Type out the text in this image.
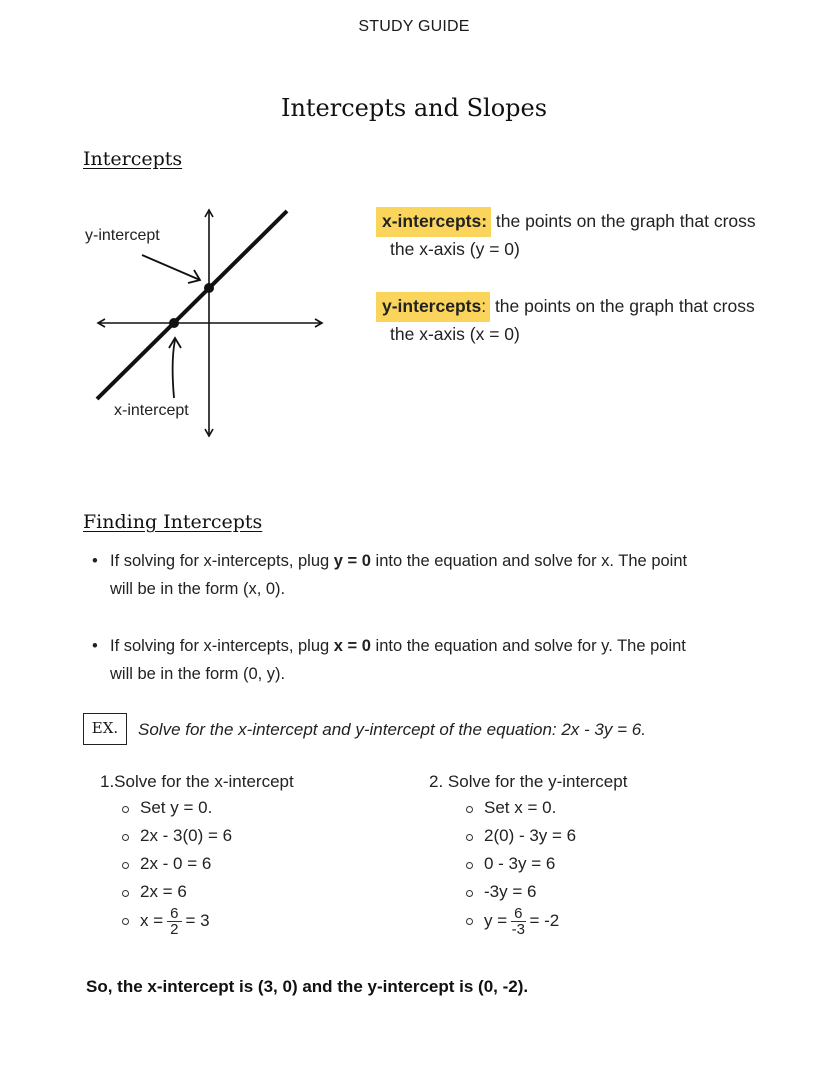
STUDY GUIDE
Intercepts and Slopes
Intercepts
y-intercept
x-intercept
x-intercepts: the points on the graph that cross
the x-axis (y = 0)
y-intercepts: the points on the graph that cross
the x-axis (x = 0)
Finding Intercepts
• If solving for x-intercepts, plug y = 0 into the equation and solve for x. The point
will be in the form (x, 0).
• If solving for x-intercepts, plug x = 0 into the equation and solve for y. The point
will be in the form (0, y).
EX.	Solve for the x-intercept and y-intercept of the equation: 2x - 3y = 6.
1.Solve for the x-intercept
Set y = 0.
2x - 3(0) = 6
2x - 0 = 6
2x = 6
$x = \frac{6}{2} = 3$
2. Solve for the y-intercept
Set x = 0.
2(0) - 3y = 6
0 - 3y = 6
-3y = 6
$y = \frac{6}{-3} = -2$
So, the x-intercept is (3, 0) and the y-intercept is (0, -2).
